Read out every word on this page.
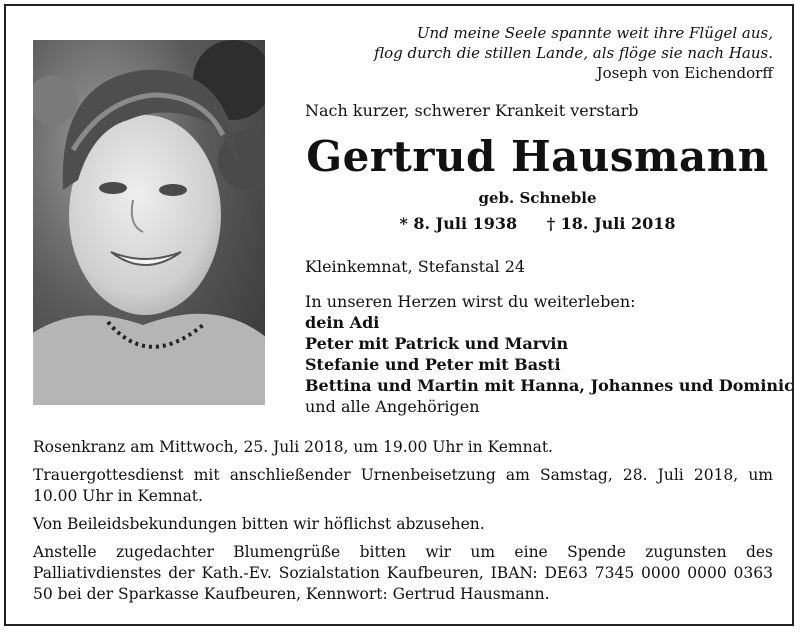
Und meine Seele spannte weit ihre Flügel aus,
flog durch die stillen Lande, als flöge sie nach Haus.
Joseph von Eichendorff
Nach kurzer, schwerer Krankeit verstarb
Gertrud Hausmann
geb. Schneble
* 8. Juli 1938 † 18. Juli 2018
Kleinkemnat, Stefanstal 24
In unseren Herzen wirst du weiterleben:
dein Adi
Peter mit Patrick und Marvin
Stefanie und Peter mit Basti
Bettina und Martin mit Hanna, Johannes und Dominic
und alle Angehörigen

Rosenkranz am Mittwoch, 25. Juli 2018, um 19.00 Uhr in Kemnat.

Trauergottesdienst mit anschließender Urnenbeisetzung am Samstag, 28. Juli 2018, um 10.00 Uhr in Kemnat.

Von Beileidsbekundungen bitten wir höflichst abzusehen.

Anstelle zugedachter Blumengrüße bitten wir um eine Spende zugunsten des Palliativdienstes der Kath.-Ev. Sozialstation Kaufbeuren, IBAN: DE63 7345 0000 0000 0363 50 bei der Sparkasse Kaufbeuren, Kennwort: Gertrud Hausmann.
